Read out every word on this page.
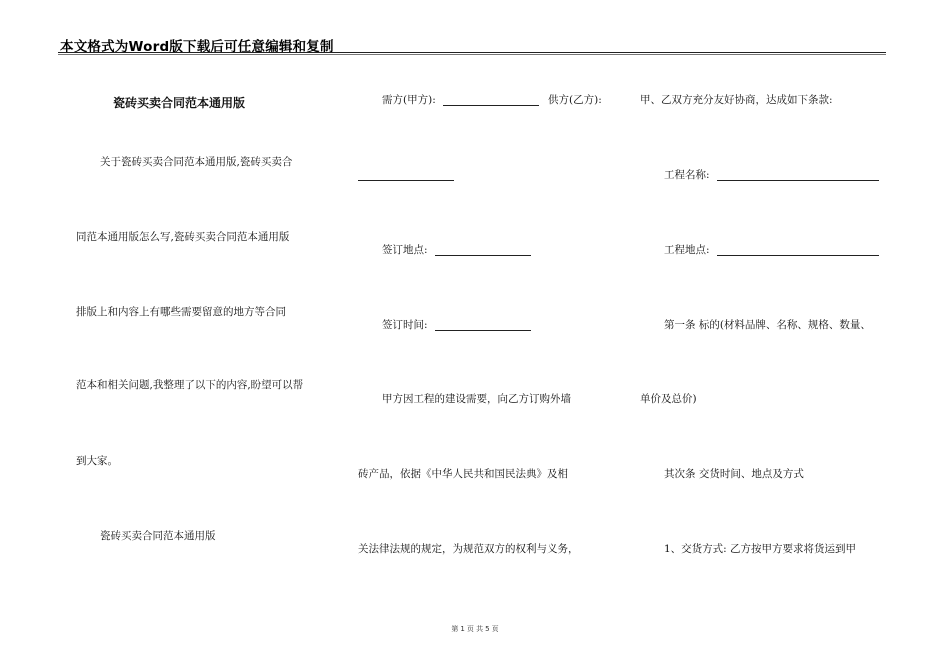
本文格式为Word版下载后可任意编辑和复制
瓷砖买卖合同范本通用版
关于瓷砖买卖合同范本通用版,瓷砖买卖合
同范本通用版怎么写,瓷砖买卖合同范本通用版
排版上和内容上有哪些需要留意的地方等合同
范本和相关问题,我整理了以下的内容,盼望可以帮
到大家。
瓷砖买卖合同范本通用版
需方(甲方):	供方(乙方):
签订地点:
签订时间:
甲方因工程的建设需要，向乙方订购外墙
砖产品，依据《中华人民共和国民法典》及相
关法律法规的规定，为规范双方的权利与义务，
甲、乙双方充分友好协商，达成如下条款:
工程名称:
工程地点:
第一条 标的(材料品牌、名称、规格、数量、
单价及总价)
其次条 交货时间、地点及方式
1、交货方式: 乙方按甲方要求将货运到甲
第 1 页 共 5 页
